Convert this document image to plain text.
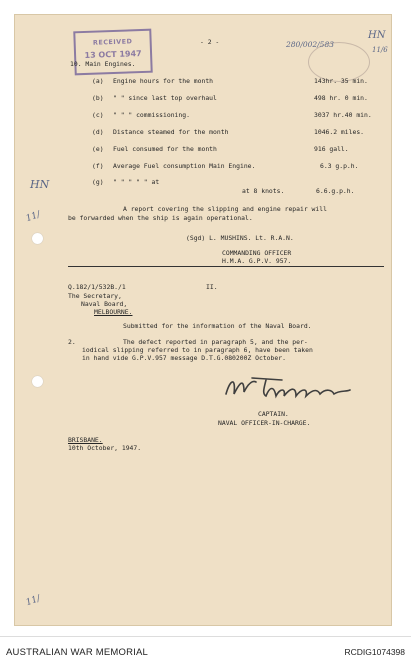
RECEIVED
13 OCT 1947
- 2 -	280/002/583
HN
11/6
10. Main Engines.
(a) Engine hours for the month	143hr. 35 min.
(b) " " since last top overhaul	498 hr. 0 min.
(c) " " " commissioning.	3037 hr.40 min.
(d) Distance steamed for the month	1046.2 miles.
(e) Fuel consumed for the month	916 gall.
(f) Average Fuel consumption Main Engine.	6.3 g.p.h.
(g) " " " " " at
at 8 knots.	6.6.g.p.h.
A report covering the slipping and engine repair will
be forwarded when the ship is again operational.
(Sgd) L. MUSHINS. Lt. R.A.N.
COMMANDING OFFICER
H.M.A. G.P.V. 957.
HN
11/
Q.182/1/532B./1	II.
The Secretary,
Naval Board,
MELBOURNE.
Submitted for the information of the Naval Board.
2.	The defect reported in paragraph 5, and the per-
iodical slipping referred to in paragraph 6, have been taken
in hand vide G.P.V.957 message D.T.G.080200Z October.
CAPTAIN.
NAVAL OFFICER-IN-CHARGE.
BRISBANE.
10th October, 1947.
11/
AUSTRALIAN WAR MEMORIAL	RCDIG1074398
